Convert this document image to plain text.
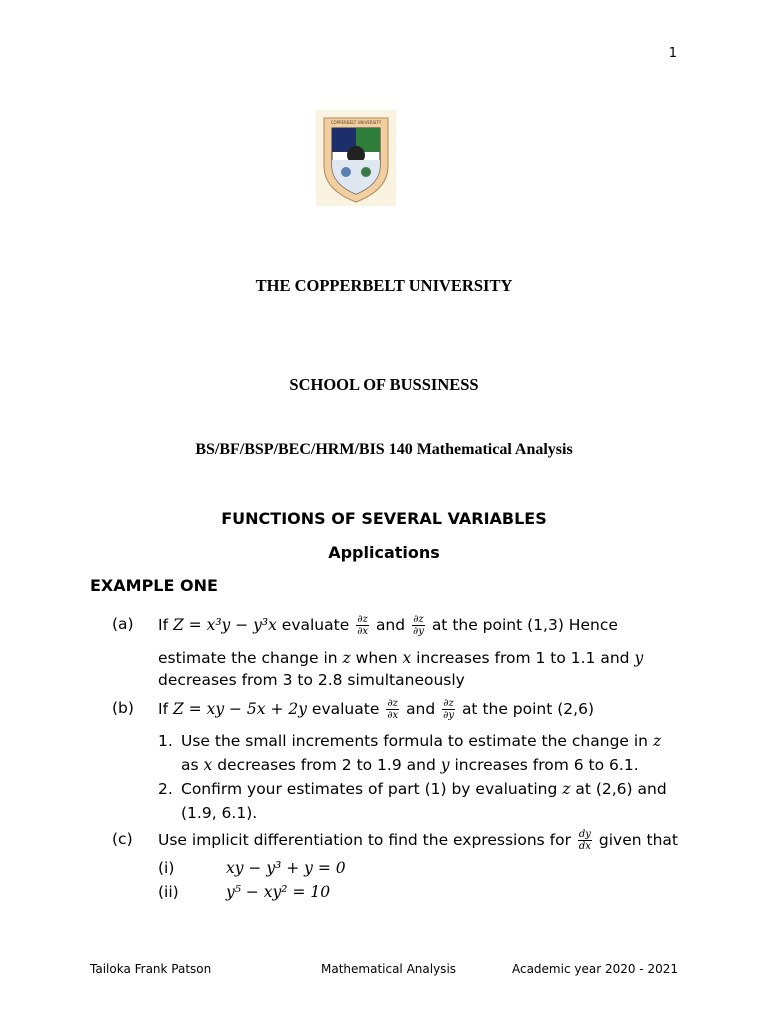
1
COPPERBELT UNIVERSITY
THE COPPERBELT UNIVERSITY
SCHOOL OF BUSSINESS
BS/BF/BSP/BEC/HRM/BIS 140 Mathematical Analysis
FUNCTIONS OF SEVERAL VARIABLES
Applications
EXAMPLE ONE
(a) If Z = x³y − y³x evaluate $\frac{\partial z}{\partial x}$ and $\frac{\partial z}{\partial y}$ at the point (1,3) Hence
estimate the change in z when x increases from 1 to 1.1 and y
decreases from 3 to 2.8 simultaneously
(b) If Z = xy − 5x + 2y evaluate $\frac{\partial z}{\partial x}$ and $\frac{\partial z}{\partial y}$ at the point (2,6)
1. Use the small increments formula to estimate the change in z
as x decreases from 2 to 1.9 and y increases from 6 to 6.1.
2. Confirm your estimates of part (1) by evaluating z at (2,6) and
(1.9, 6.1).
(c) Use implicit differentiation to find the expressions for $\frac{dy}{dx}$ given that
(i)	xy − y³ + y = 0
(ii)	y⁵ − xy² = 10
Tailoka Frank Patson	Mathematical Analysis	Academic year 2020 - 2021
